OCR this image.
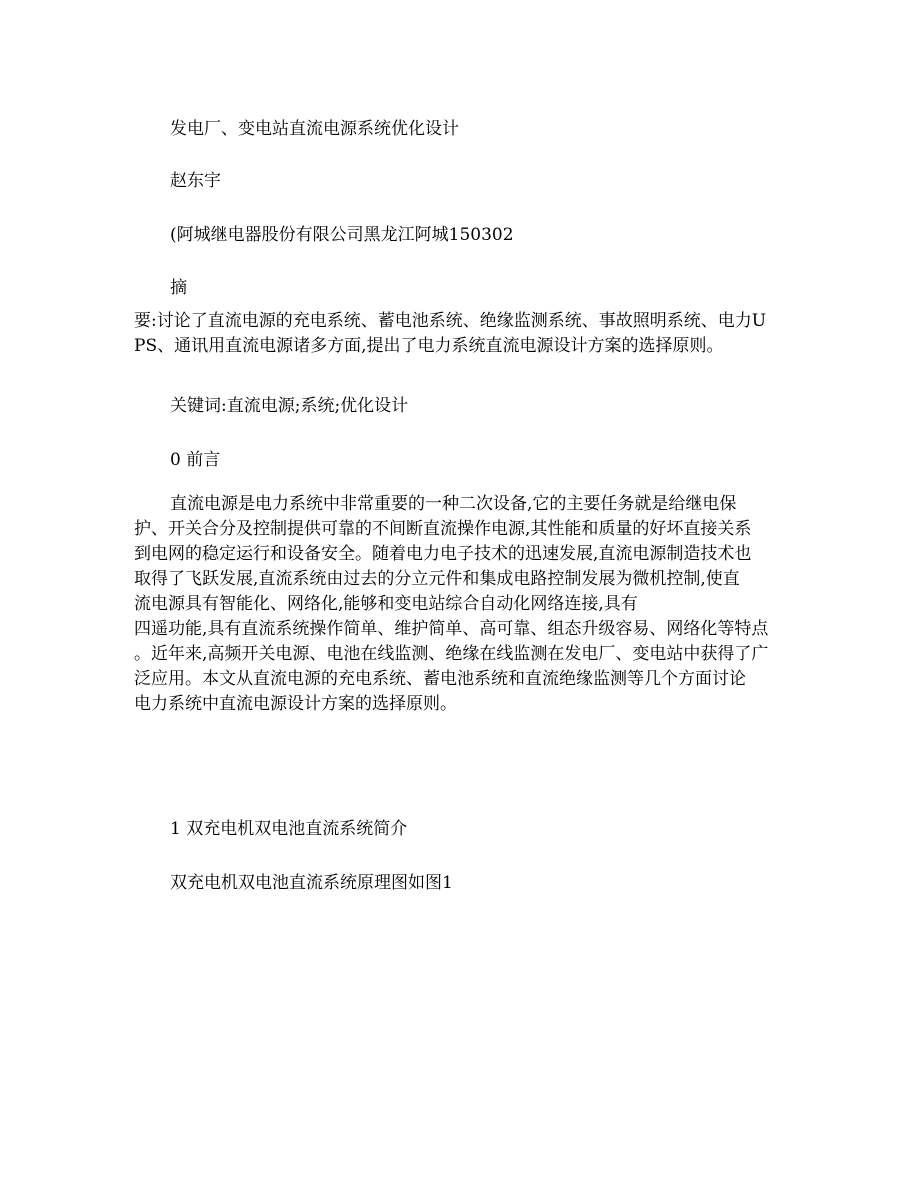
发电厂、变电站直流电源系统优化设计
赵东宇
(阿城继电器股份有限公司黑龙江阿城150302
摘
要:讨论了直流电源的充电系统、蓄电池系统、绝缘监测系统、事故照明系统、电力U
PS、通讯用直流电源诸多方面,提出了电力系统直流电源设计方案的选择原则。
关键词:直流电源;系统;优化设计
0 前言
直流电源是电力系统中非常重要的一种二次设备,它的主要任务就是给继电保
护、开关合分及控制提供可靠的不间断直流操作电源,其性能和质量的好坏直接关系
到电网的稳定运行和设备安全。随着电力电子技术的迅速发展,直流电源制造技术也
取得了飞跃发展,直流系统由过去的分立元件和集成电路控制发展为微机控制,使直
流电源具有智能化、网络化,能够和变电站综合自动化网络连接,具有
四遥功能,具有直流系统操作简单、维护简单、高可靠、组态升级容易、网络化等特点
。近年来,高频开关电源、电池在线监测、绝缘在线监测在发电厂、变电站中获得了广
泛应用。本文从直流电源的充电系统、蓄电池系统和直流绝缘监测等几个方面讨论
电力系统中直流电源设计方案的选择原则。
1 双充电机双电池直流系统简介
双充电机双电池直流系统原理图如图1
